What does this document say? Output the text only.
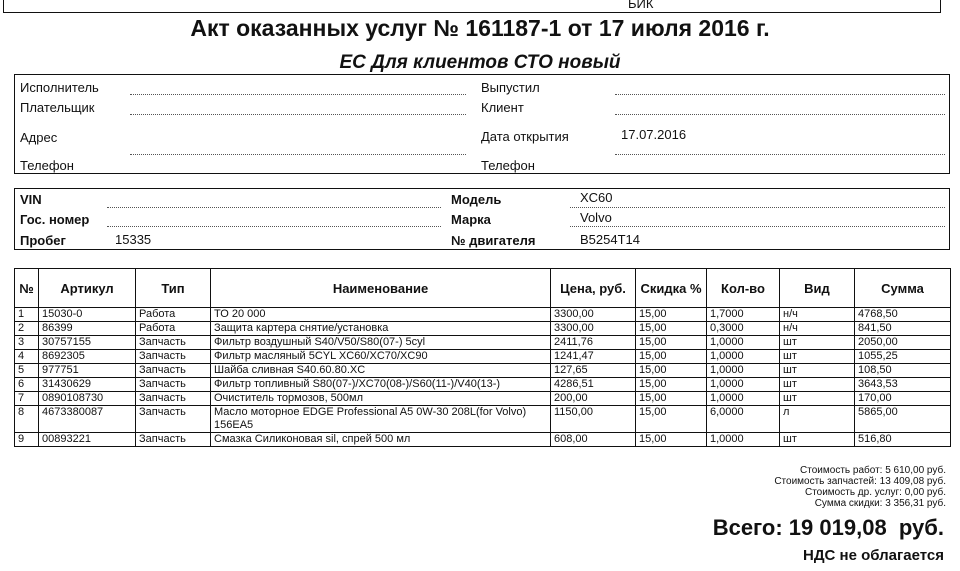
БИК
Акт оказанных услуг № 161187-1 от 17 июля 2016 г.
ЕС Для клиентов СТО новый
Исполнитель
Плательщик
Адрес
Телефон
Выпустил
Клиент
Дата открытия	17.07.2016
Телефон
VIN
Гос. номер
Пробег	15335
Модель	XC60
Марка	Volvo
№ двигателя	B5254T14
№	Артикул	Тип	Наименование	Цена, руб.	Скидка %	Кол-во	Вид	Сумма
1	15030-0	Работа	ТО 20 000	3300,00	15,00	1,7000	н/ч	4768,50
2	86399	Работа	Защита картера снятие/установка	3300,00	15,00	0,3000	н/ч	841,50
3	30757155	Запчасть	Фильтр воздушный S40/V50/S80(07-) 5cyl	2411,76	15,00	1,0000	шт	2050,00
4	8692305	Запчасть	Фильтр масляный 5CYL XC60/XC70/XC90	1241,47	15,00	1,0000	шт	1055,25
5	977751	Запчасть	Шайба сливная S40.60.80.XC	127,65	15,00	1,0000	шт	108,50
6	31430629	Запчасть	Фильтр топливный S80(07-)/XC70(08-)/S60(11-)/V40(13-)	4286,51	15,00	1,0000	шт	3643,53
7	0890108730	Запчасть	Очиститель тормозов, 500мл	200,00	15,00	1,0000	шт	170,00
8	4673380087	Запчасть	Масло моторное EDGE Professional A5 0W-30 208L(for Volvo) 156EA5	1150,00	15,00	6,0000	л	5865,00
9	00893221	Запчасть	Смазка Силиконовая sil, спрей 500 мл	608,00	15,00	1,0000	шт	516,80
Стоимость работ: 5 610,00 руб.
Стоимость запчастей: 13 409,08 руб.
Стоимость др. услуг: 0,00 руб.
Сумма скидки: 3 356,31 руб.
Всего: 19 019,08  руб.
НДС не облагается
